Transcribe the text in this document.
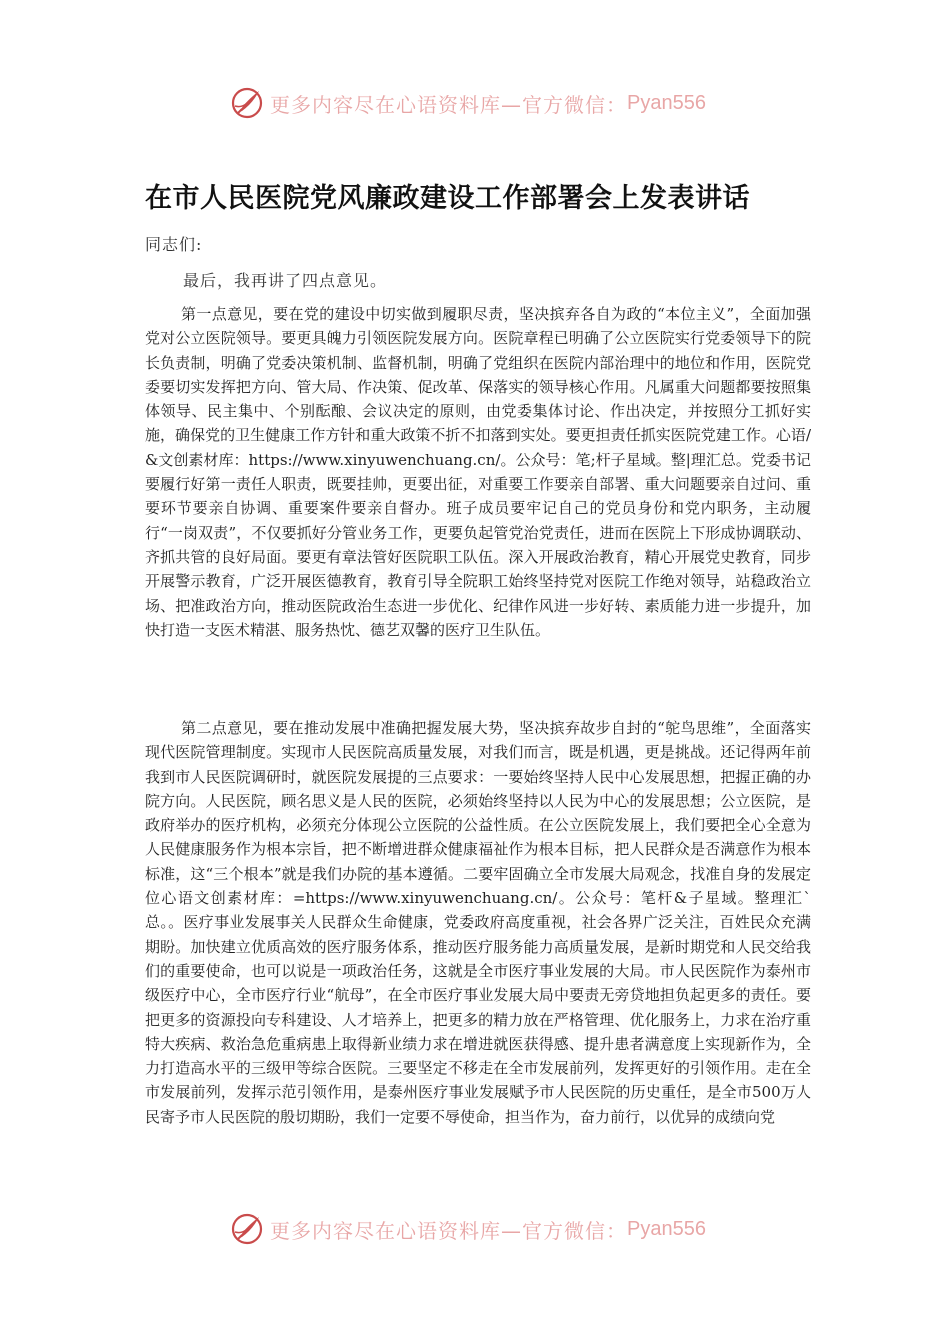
更多内容尽在心语资料库—官方微信： Pyan556
在市人民医院党风廉政建设工作部署会上发表讲话
同志们:
最后，我再讲了四点意见。

第一点意见，要在党的建设中切实做到履职尽责，坚决摈弃各自为政的“本位主义”，全面加强党对公立医院领导。要更具魄力引领医院发展方向。医院章程已明确了公立医院实行党委领导下的院长负责制，明确了党委决策机制、监督机制，明确了党组织在医院内部治理中的地位和作用，医院党委要切实发挥把方向、管大局、作决策、促改革、保落实的领导核心作用。凡属重大问题都要按照集体领导、民主集中、个别酝酿、会议决定的原则，由党委集体讨论、作出决定，并按照分工抓好实施，确保党的卫生健康工作方针和重大政策不折不扣落到实处。要更担责任抓实医院党建工作。心语/&文创素材库：https://www.xinyuwenchuang.cn/。公众号：笔;杆子星域。整|理汇总。党委书记要履行好第一责任人职责，既要挂帅，更要出征，对重要工作要亲自部署、重大问题要亲自过问、重要环节要亲自协调、重要案件要亲自督办。班子成员要牢记自己的党员身份和党内职务，主动履行“一岗双责”，不仅要抓好分管业务工作，更要负起管党治党责任，进而在医院上下形成协调联动、齐抓共管的良好局面。要更有章法管好医院职工队伍。深入开展政治教育，精心开展党史教育，同步开展警示教育，广泛开展医德教育，教育引导全院职工始终坚持党对医院工作绝对领导，站稳政治立场、把准政治方向，推动医院政治生态进一步优化、纪律作风进一步好转、素质能力进一步提升，加快打造一支医术精湛、服务热忱、德艺双馨的医疗卫生队伍。

第二点意见，要在推动发展中准确把握发展大势，坚决摈弃故步自封的“鸵鸟思维”，全面落实现代医院管理制度。实现市人民医院高质量发展，对我们而言，既是机遇，更是挑战。还记得两年前我到市人民医院调研时，就医院发展提的三点要求：一要始终坚持人民中心发展思想，把握正确的办院方向。人民医院，顾名思义是人民的医院，必须始终坚持以人民为中心的发展思想；公立医院，是政府举办的医疗机构，必须充分体现公立医院的公益性质。在公立医院发展上，我们要把全心全意为人民健康服务作为根本宗旨，把不断增进群众健康福祉作为根本目标，把人民群众是否满意作为根本标准，这“三个根本”就是我们办院的基本遵循。二要牢固确立全市发展大局观念，找准自身的发展定位心语文创素材库：=https://www.xinyuwenchuang.cn/。公众号：笔杆&子星域。整理汇`总。。医疗事业发展事关人民群众生命健康，党委政府高度重视，社会各界广泛关注，百姓民众充满期盼。加快建立优质高效的医疗服务体系，推动医疗服务能力高质量发展，是新时期党和人民交给我们的重要使命，也可以说是一项政治任务，这就是全市医疗事业发展的大局。市人民医院作为泰州市级医疗中心，全市医疗行业“航母”，在全市医疗事业发展大局中要责无旁贷地担负起更多的责任。要把更多的资源投向专科建设、人才培养上，把更多的精力放在严格管理、优化服务上，力求在治疗重特大疾病、救治急危重病患上取得新业绩力求在增进就医获得感、提升患者满意度上实现新作为，全力打造高水平的三级甲等综合医院。三要坚定不移走在全市发展前列，发挥更好的引领作用。走在全市发展前列，发挥示范引领作用，是泰州医疗事业发展赋予市人民医院的历史重任，是全市500万人民寄予市人民医院的殷切期盼，我们一定要不辱使命，担当作为，奋力前行，以优异的成绩向党

更多内容尽在心语资料库—官方微信： Pyan556
